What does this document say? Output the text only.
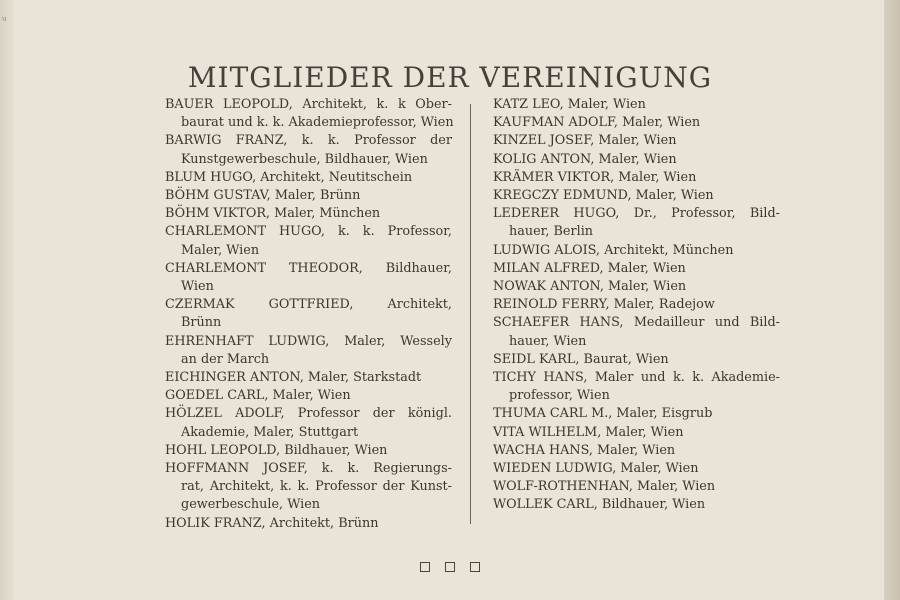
ᵘ
MITGLIEDER DER VEREINIGUNG
BAUER LEOPOLD, Architekt, k. k Ober-
baurat und k. k. Akademieprofessor, Wien
BARWIG FRANZ, k. k. Professor der
Kunstgewerbeschule, Bildhauer, Wien
BLUM HUGO, Architekt, Neutitschein
BÖHM GUSTAV, Maler, Brünn
BÖHM VIKTOR, Maler, München
CHARLEMONT HUGO, k. k. Professor,
Maler, Wien
CHARLEMONT THEODOR, Bildhauer,
Wien
CZERMAK GOTTFRIED, Architekt,
Brünn
EHRENHAFT LUDWIG, Maler, Wessely
an der March
EICHINGER ANTON, Maler, Starkstadt
GOEDEL CARL, Maler, Wien
HÖLZEL ADOLF, Professor der königl.
Akademie, Maler, Stuttgart
HOHL LEOPOLD, Bildhauer, Wien
HOFFMANN JOSEF, k. k. Regierungs-
rat, Architekt, k. k. Professor der Kunst-
gewerbeschule, Wien
HOLIK FRANZ, Architekt, Brünn
KATZ LEO, Maler, Wien
KAUFMAN ADOLF, Maler, Wien
KINZEL JOSEF, Maler, Wien
KOLIG ANTON, Maler, Wien
KRÄMER VIKTOR, Maler, Wien
KREGCZY EDMUND, Maler, Wien
LEDERER HUGO, Dr., Professor, Bild-
hauer, Berlin
LUDWIG ALOIS, Architekt, München
MILAN ALFRED, Maler, Wien
NOWAK ANTON, Maler, Wien
REINOLD FERRY, Maler, Radejow
SCHAEFER HANS, Medailleur und Bild-
hauer, Wien
SEIDL KARL, Baurat, Wien
TICHY HANS, Maler und k. k. Akademie-
professor, Wien
THUMA CARL M., Maler, Eisgrub
VITA WILHELM, Maler, Wien
WACHA HANS, Maler, Wien
WIEDEN LUDWIG, Maler, Wien
WOLF-ROTHENHAN, Maler, Wien
WOLLEK CARL, Bildhauer, Wien
